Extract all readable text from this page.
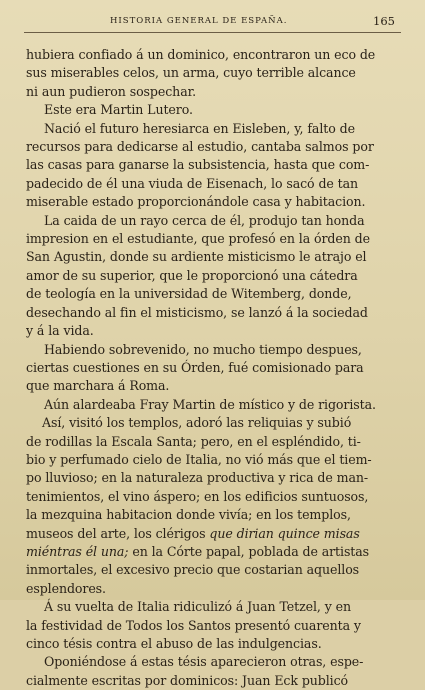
HISTORIA GENERAL DE ESPAÑA.	165
hubiera confiado á un dominico, encontraron un eco de
sus miserables celos, un arma, cuyo terrible alcance
ni aun pudieron sospechar.
Este era Martin Lutero.
Nació el futuro heresiarca en Eisleben, y, falto de
recursos para dedicarse al estudio, cantaba salmos por
las casas para ganarse la subsistencia, hasta que com-
padecido de él una viuda de Eisenach, lo sacó de tan
miserable estado proporcionándole casa y habitacion.
La caida de un rayo cerca de él, produjo tan honda
impresion en el estudiante, que profesó en la órden de
San Agustin, donde su ardiente misticismo le atrajo el
amor de su superior, que le proporcionó una cátedra
de teología en la universidad de Witemberg, donde,
desechando al fin el misticismo, se lanzó á la sociedad
y á la vida.
Habiendo sobrevenido, no mucho tiempo despues,
ciertas cuestiones en su Órden, fué comisionado para
que marchara á Roma.
Aún alardeaba Fray Martin de místico y de rigorista.
Así, visitó los templos, adoró las reliquias y subió
de rodillas la Escala Santa; pero, en el espléndido, ti-
bio y perfumado cielo de Italia, no vió más que el tiem-
po lluvioso; en la naturaleza productiva y rica de man-
tenimientos, el vino áspero; en los edificios suntuosos,
la mezquina habitacion donde vivía; en los templos,
museos del arte, los clérigos que dirian quince misas
miéntras él una; en la Córte papal, poblada de artistas
inmortales, el excesivo precio que costarian aquellos
esplendores.
Á su vuelta de Italia ridiculizó á Juan Tetzel, y en
la festividad de Todos los Santos presentó cuarenta y
cinco tésis contra el abuso de las indulgencias.
Oponiéndose á estas tésis aparecieron otras, espe-
cialmente escritas por dominicos: Juan Eck publicó
